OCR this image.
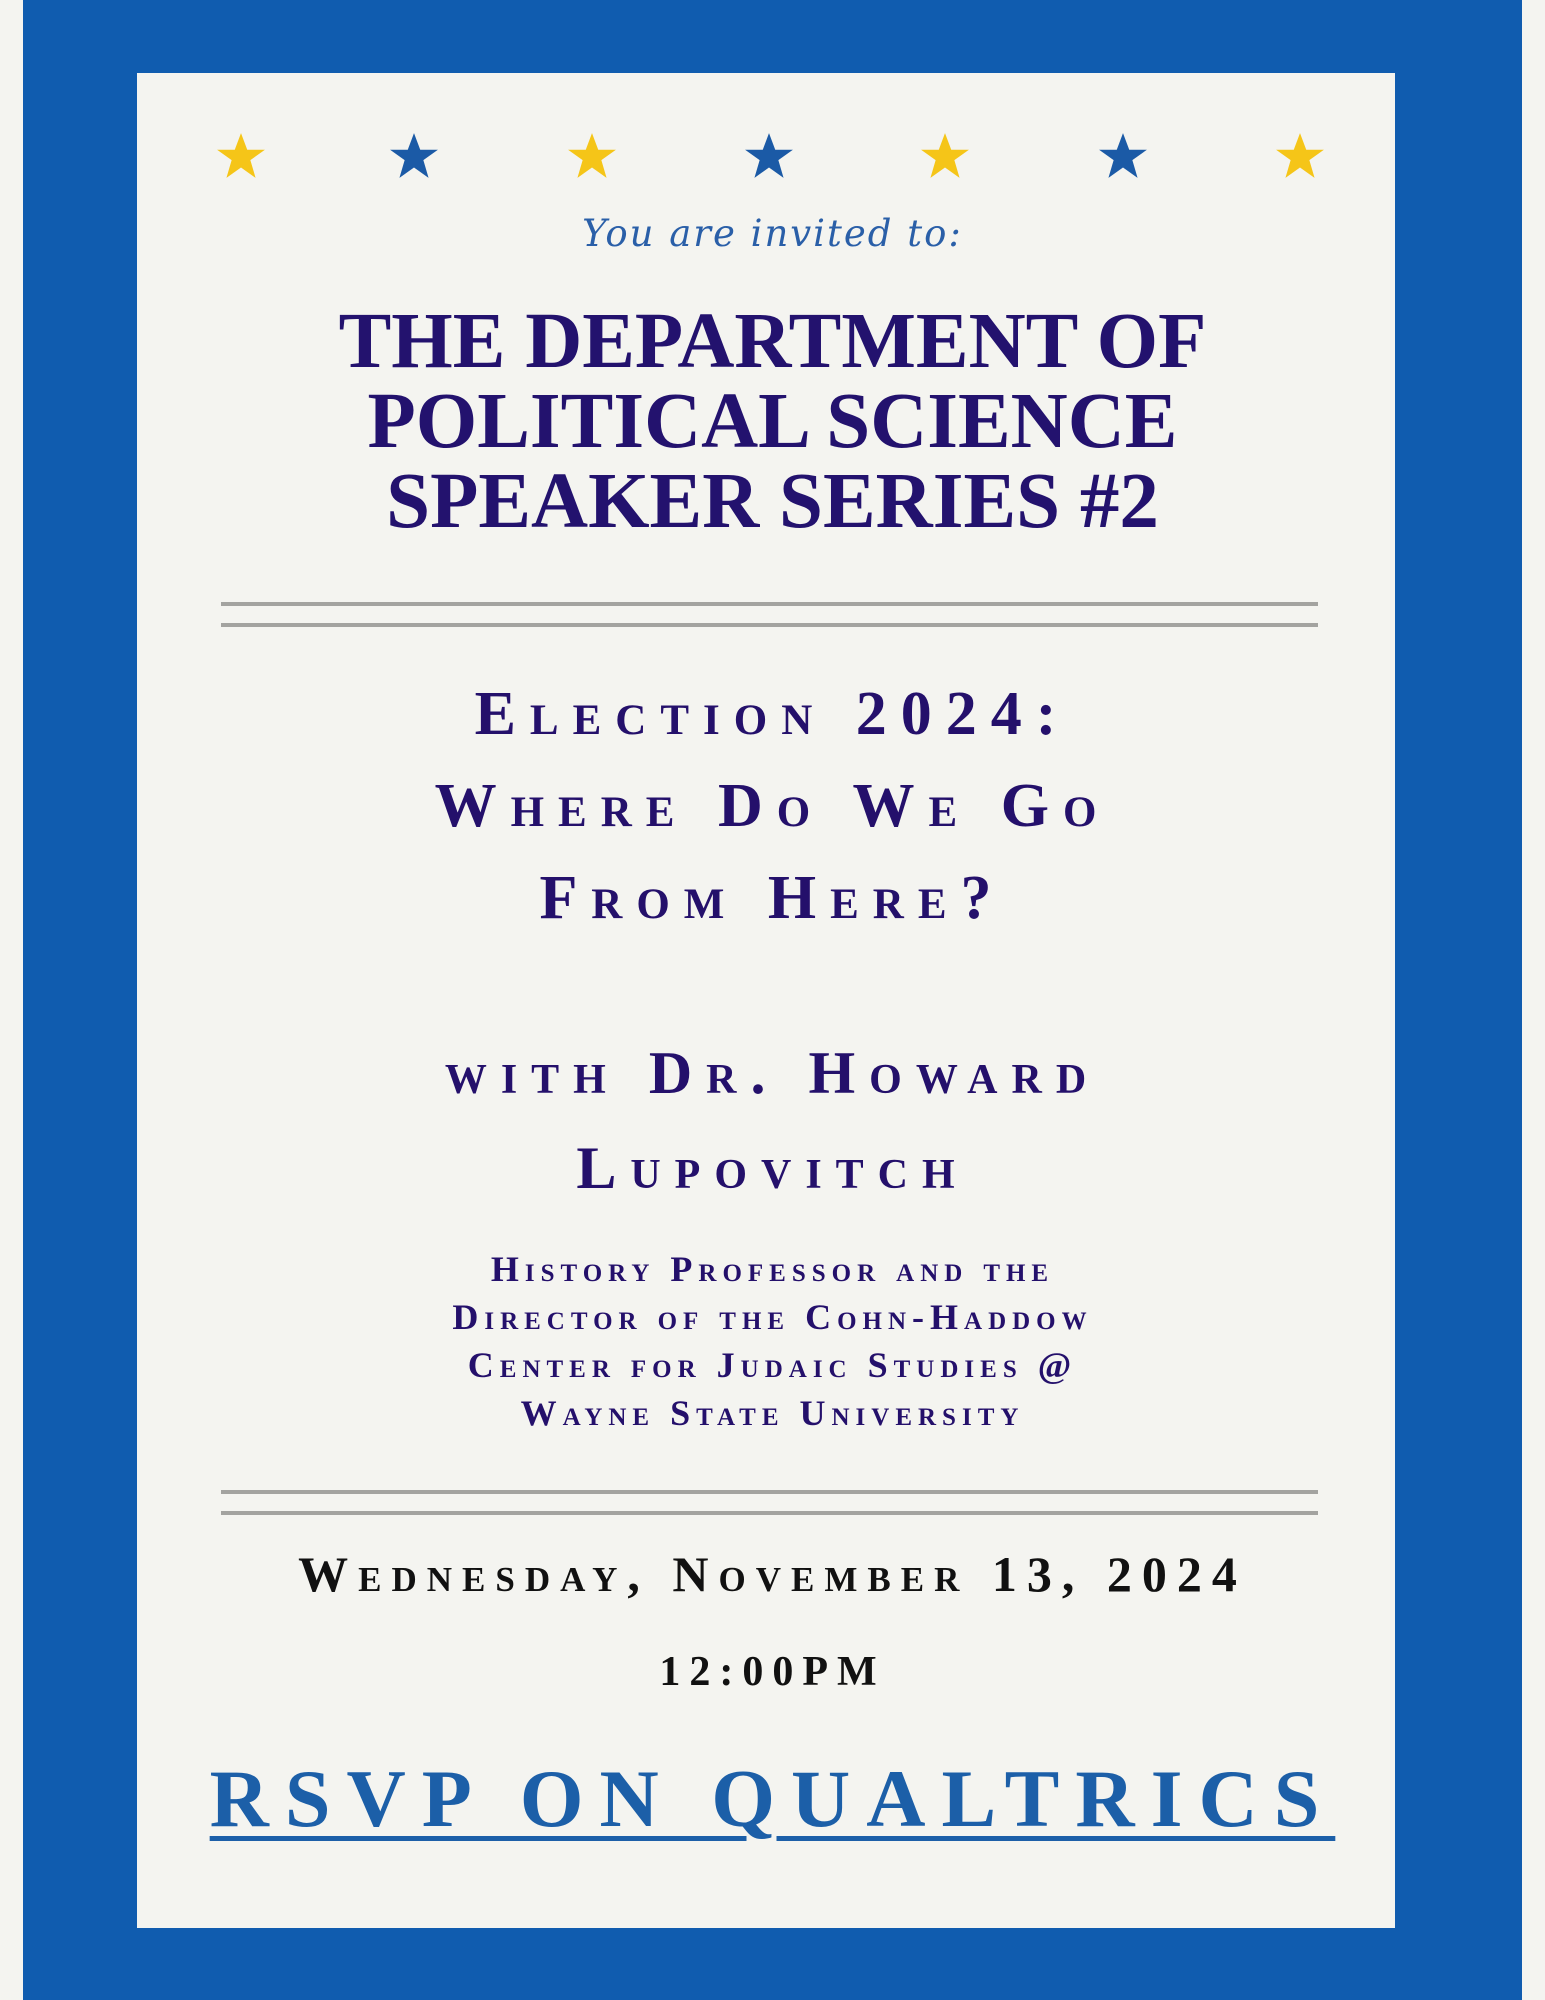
You are invited to:
THE DEPARTMENT OF
POLITICAL SCIENCE
SPEAKER SERIES #2
Election 2024:
Where Do We Go
From Here?
with Dr. Howard
Lupovitch
History Professor and the
Director of the Cohn-Haddow
Center for Judaic Studies @
Wayne State University
Wednesday, November 13, 2024
12:00PM
RSVP ON QUALTRICS
